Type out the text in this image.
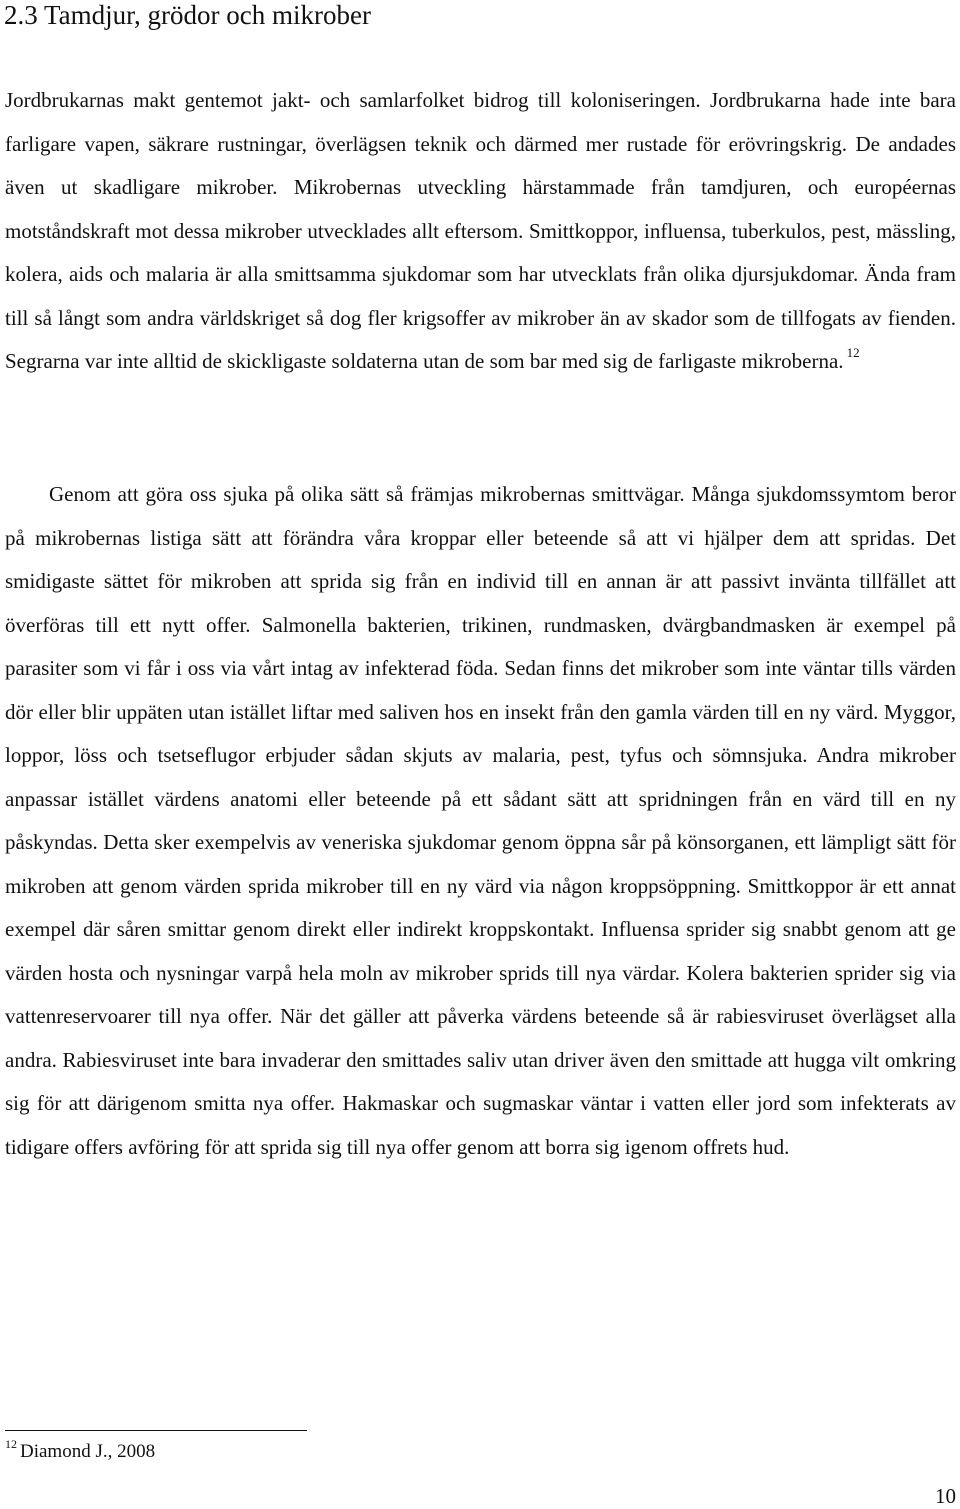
2.3 Tamdjur, grödor och mikrober

Jordbrukarnas makt gentemot jakt- och samlarfolket bidrog till koloniseringen. Jordbrukarna hade inte bara farligare vapen, säkrare rustningar, överlägsen teknik och därmed mer rustade för erövringskrig. De andades även ut skadligare mikrober. Mikrobernas utveckling härstammade från tamdjuren, och européernas motståndskraft mot dessa mikrober utvecklades allt eftersom. Smittkoppor, influensa, tuberkulos, pest, mässling, kolera, aids och malaria är alla smittsamma sjukdomar som har utvecklats från olika djursjukdomar. Ända fram till så långt som andra världskriget så dog fler krigsoffer av mikrober än av skador som de tillfogats av fienden. Segrarna var inte alltid de skickligaste soldaterna utan de som bar med sig de farligaste mikroberna. $^{12}$

Genom att göra oss sjuka på olika sätt så främjas mikrobernas smittvägar. Många sjukdomssymtom beror på mikrobernas listiga sätt att förändra våra kroppar eller beteende så att vi hjälper dem att spridas. Det smidigaste sättet för mikroben att sprida sig från en individ till en annan är att passivt invänta tillfället att överföras till ett nytt offer. Salmonella bakterien, trikinen, rundmasken, dvärgbandmasken är exempel på parasiter som vi får i oss via vårt intag av infekterad föda. Sedan finns det mikrober som inte väntar tills värden dör eller blir uppäten utan istället liftar med saliven hos en insekt från den gamla värden till en ny värd. Myggor, loppor, löss och tsetseflugor erbjuder sådan skjuts av malaria, pest, tyfus och sömnsjuka. Andra mikrober anpassar istället värdens anatomi eller beteende på ett sådant sätt att spridningen från en värd till en ny påskyndas. Detta sker exempelvis av veneriska sjukdomar genom öppna sår på könsorganen, ett lämpligt sätt för mikroben att genom värden sprida mikrober till en ny värd via någon kroppsöppning. Smittkoppor är ett annat exempel där såren smittar genom direkt eller indirekt kroppskontakt. Influensa sprider sig snabbt genom att ge värden hosta och nysningar varpå hela moln av mikrober sprids till nya värdar. Kolera bakterien sprider sig via vattenreservoarer till nya offer. När det gäller att påverka värdens beteende så är rabiesviruset överlägset alla andra. Rabiesviruset inte bara invaderar den smittades saliv utan driver även den smittade att hugga vilt omkring sig för att därigenom smitta nya offer. Hakmaskar och sugmaskar väntar i vatten eller jord som infekterats av tidigare offers avföring för att sprida sig till nya offer genom att borra sig igenom offrets hud.

$^{12}$ Diamond J., 2008
10
